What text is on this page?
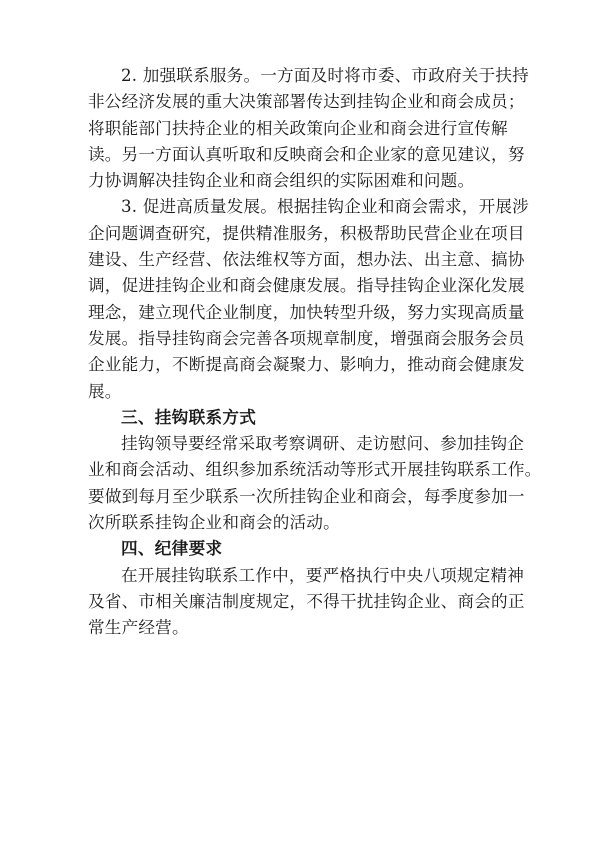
2. 加强联系服务。一方面及时将市委、市政府关于扶持
非公经济发展的重大决策部署传达到挂钩企业和商会成员；
将职能部门扶持企业的相关政策向企业和商会进行宣传解
读。另一方面认真听取和反映商会和企业家的意见建议，努
力协调解决挂钩企业和商会组织的实际困难和问题。

3. 促进高质量发展。根据挂钩企业和商会需求，开展涉
企问题调查研究，提供精准服务，积极帮助民营企业在项目
建设、生产经营、依法维权等方面，想办法、出主意、搞协
调，促进挂钩企业和商会健康发展。指导挂钩企业深化发展
理念，建立现代企业制度，加快转型升级，努力实现高质量
发展。指导挂钩商会完善各项规章制度，增强商会服务会员
企业能力，不断提高商会凝聚力、影响力，推动商会健康发
展。

三、挂钩联系方式

挂钩领导要经常采取考察调研、走访慰问、参加挂钩企
业和商会活动、组织参加系统活动等形式开展挂钩联系工作。
要做到每月至少联系一次所挂钩企业和商会，每季度参加一
次所联系挂钩企业和商会的活动。

四、纪律要求

在开展挂钩联系工作中，要严格执行中央八项规定精神
及省、市相关廉洁制度规定，不得干扰挂钩企业、商会的正
常生产经营。
